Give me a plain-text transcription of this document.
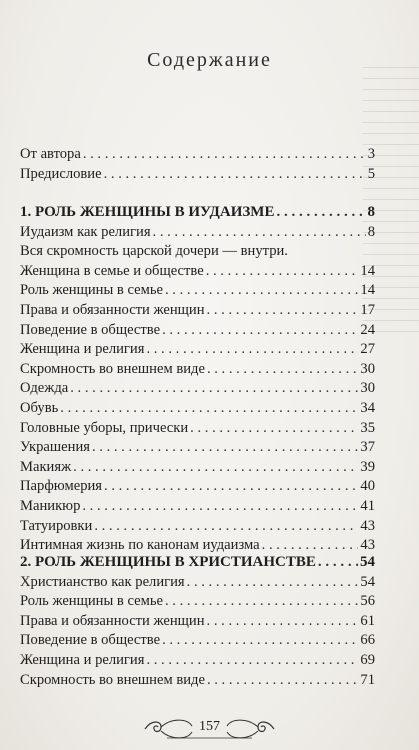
Содержание
От автора . . .	3
Предисловие . . .	5
1. РОЛЬ ЖЕНЩИНЫ В ИУДАИЗМЕ . . .	8
Иудаизм как религия . . .	8
Вся скромность царской дочери — внутри.
Женщина в семье и обществе . . .	14
Роль женщины в семье . . .	14
Права и обязанности женщин . . .	17
Поведение в обществе . . .	24
Женщина и религия . . .	27
Скромность во внешнем виде . . .	30
Одежда . . .	30
Обувь . . .	34
Головные уборы, прически . . .	35
Украшения . . .	37
Макияж . . .	39
Парфюмерия . . .	40
Маникюр . . .	41
Татуировки . . .	43
Интимная жизнь по канонам иудаизма . . .	43
2. РОЛЬ ЖЕНЩИНЫ В ХРИСТИАНСТВЕ . . .	54
Христианство как религия . . .	54
Роль женщины в семье . . .	56
Права и обязанности женщин . . .	61
Поведение в обществе . . .	66
Женщина и религия . . .	69
Скромность во внешнем виде . . .	71
157
